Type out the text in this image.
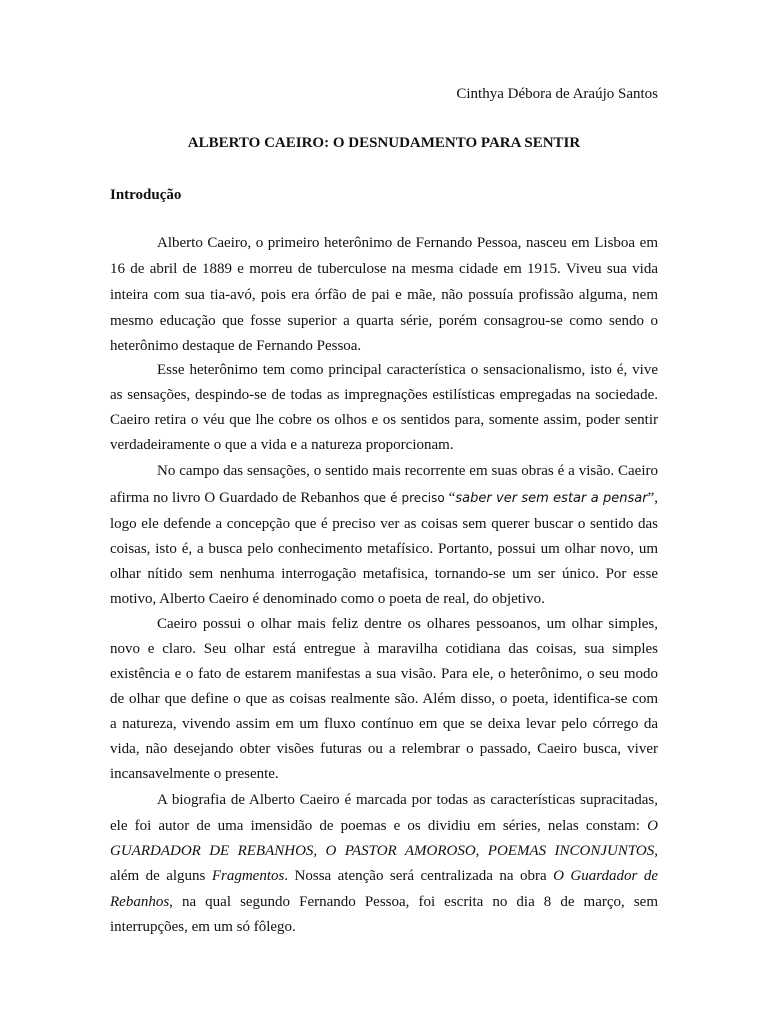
Cinthya Débora de Araújo Santos
ALBERTO CAEIRO: O DESNUDAMENTO PARA SENTIR
Introdução
Alberto Caeiro, o primeiro heterônimo de Fernando Pessoa, nasceu em Lisboa em
16 de abril de 1889 e morreu de tuberculose na mesma cidade em 1915. Viveu sua vida
inteira com sua tia-avó, pois era órfão de pai e mãe, não possuía profissão alguma, nem
mesmo educação que fosse superior a quarta série, porém consagrou-se como sendo o
heterônimo destaque de Fernando Pessoa.
Esse heterônimo tem como principal característica o sensacionalismo, isto é, vive
as sensações, despindo-se de todas as impregnações estilísticas empregadas na sociedade.
Caeiro retira o véu que lhe cobre os olhos e os sentidos para, somente assim, poder sentir
verdadeiramente o que a vida e a natureza proporcionam.
No campo das sensações, o sentido mais recorrente em suas obras é a visão. Caeiro
afirma no livro O Guardado de Rebanhos que é preciso “saber ver sem estar a pensar”,
logo ele defende a concepção que é preciso ver as coisas sem querer buscar o sentido das
coisas, isto é, a busca pelo conhecimento metafísico. Portanto, possui um olhar novo, um
olhar nítido sem nenhuma interrogação metafisica, tornando-se um ser único. Por esse
motivo, Alberto Caeiro é denominado como o poeta de real, do objetivo.
Caeiro possui o olhar mais feliz dentre os olhares pessoanos, um olhar simples,
novo e claro. Seu olhar está entregue à maravilha cotidiana das coisas, sua simples
existência e o fato de estarem manifestas a sua visão. Para ele, o heterônimo, o seu modo
de olhar que define o que as coisas realmente são. Além disso, o poeta, identifica-se com
a natureza, vivendo assim em um fluxo contínuo em que se deixa levar pelo córrego da
vida, não desejando obter visões futuras ou a relembrar o passado, Caeiro busca, viver
incansavelmente o presente.
A biografia de Alberto Caeiro é marcada por todas as características supracitadas,
ele foi autor de uma imensidão de poemas e os dividiu em séries, nelas constam: O
GUARDADOR DE REBANHOS, O PASTOR AMOROSO, POEMAS INCONJUNTOS,
além de alguns Fragmentos. Nossa atenção será centralizada na obra O Guardador de
Rebanhos, na qual segundo Fernando Pessoa, foi escrita no dia 8 de março, sem
interrupções, em um só fôlego.
